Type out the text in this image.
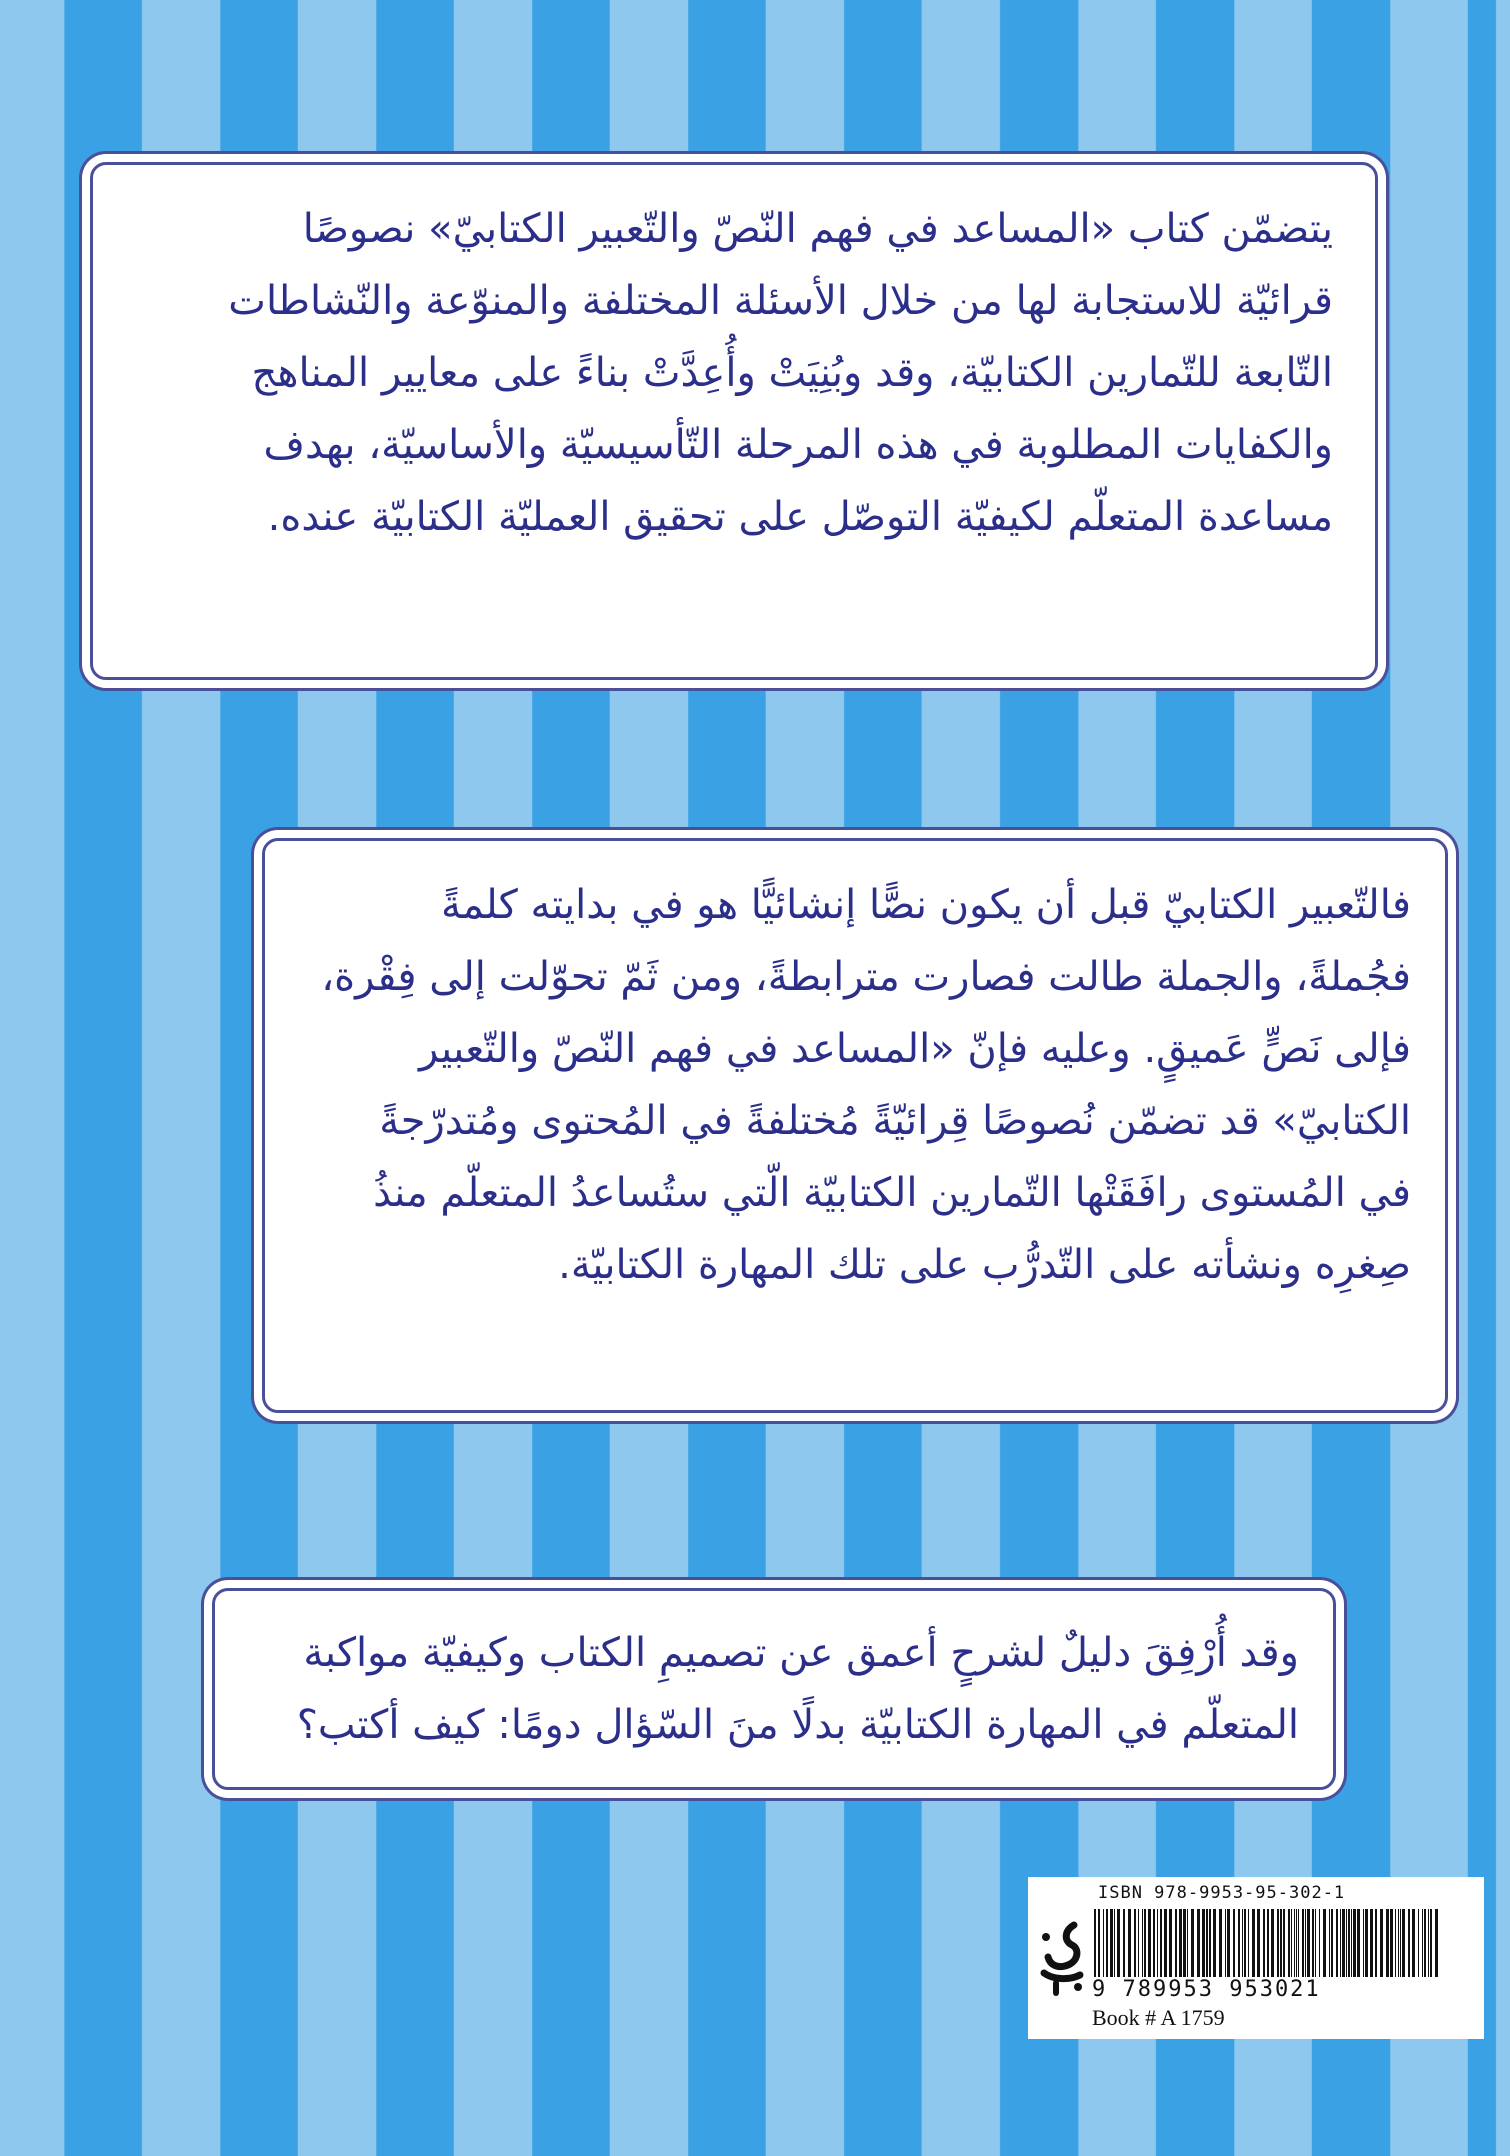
يتضمّن كتاب «المساعد في فهم النّصّ والتّعبير الكتابيّ» نصوصًا
قرائيّة للاستجابة لها من خلال الأسئلة المختلفة والمنوّعة والنّشاطات
التّابعة للتّمارين الكتابيّة، وقد وبُنِيَتْ وأُعِدَّتْ بناءً على معايير المناهج
والكفايات المطلوبة في هذه المرحلة التّأسيسيّة والأساسيّة، بهدف
مساعدة المتعلّم لكيفيّة التوصّل على تحقيق العمليّة الكتابيّة عنده.
فالتّعبير الكتابيّ قبل أن يكون نصًّا إنشائيًّا هو في بدايته كلمةً
فجُملةً، والجملة طالت فصارت مترابطةً، ومن ثَمّ تحوّلت إلى فِقْرة،
فإلى نَصٍّ عَميقٍ. وعليه فإنّ «المساعد في فهم النّصّ والتّعبير
الكتابيّ» قد تضمّن نُصوصًا قِرائيّةً مُختلفةً في المُحتوى ومُتدرّجةً
في المُستوى رافَقَتْها التّمارين الكتابيّة الّتي ستُساعدُ المتعلّم منذُ
صِغرِه ونشأته على التّدرُّب على تلك المهارة الكتابيّة.
وقد أُرْفِقَ دليلٌ لشرحٍ أعمق عن تصميمِ الكتاب وكيفيّة مواكبة
المتعلّم في المهارة الكتابيّة بدلًا منَ السّؤال دومًا: كيف أكتب؟
ISBN 978-9953-95-302-1
9 789953 953021
Book # A 1759
